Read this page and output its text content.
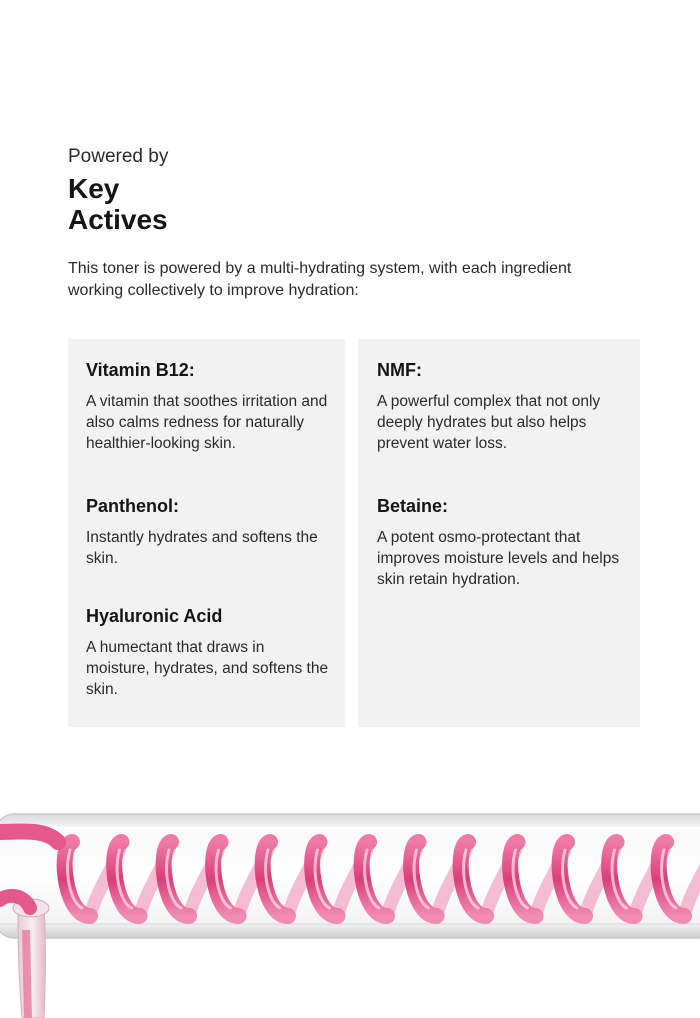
Powered by

Key Actives

This toner is powered by a multi-hydrating system, with each ingredient working collectively to improve hydration:

Vitamin B12:

A vitamin that soothes irritation and also calms redness for naturally healthier-looking skin.

Panthenol:

Instantly hydrates and softens the skin.

Hyaluronic Acid

A humectant that draws in moisture, hydrates, and softens the skin.

NMF:

A powerful complex that not only deeply hydrates but also helps prevent water loss.

Betaine:

A potent osmo-protectant that improves moisture levels and helps skin retain hydration.
